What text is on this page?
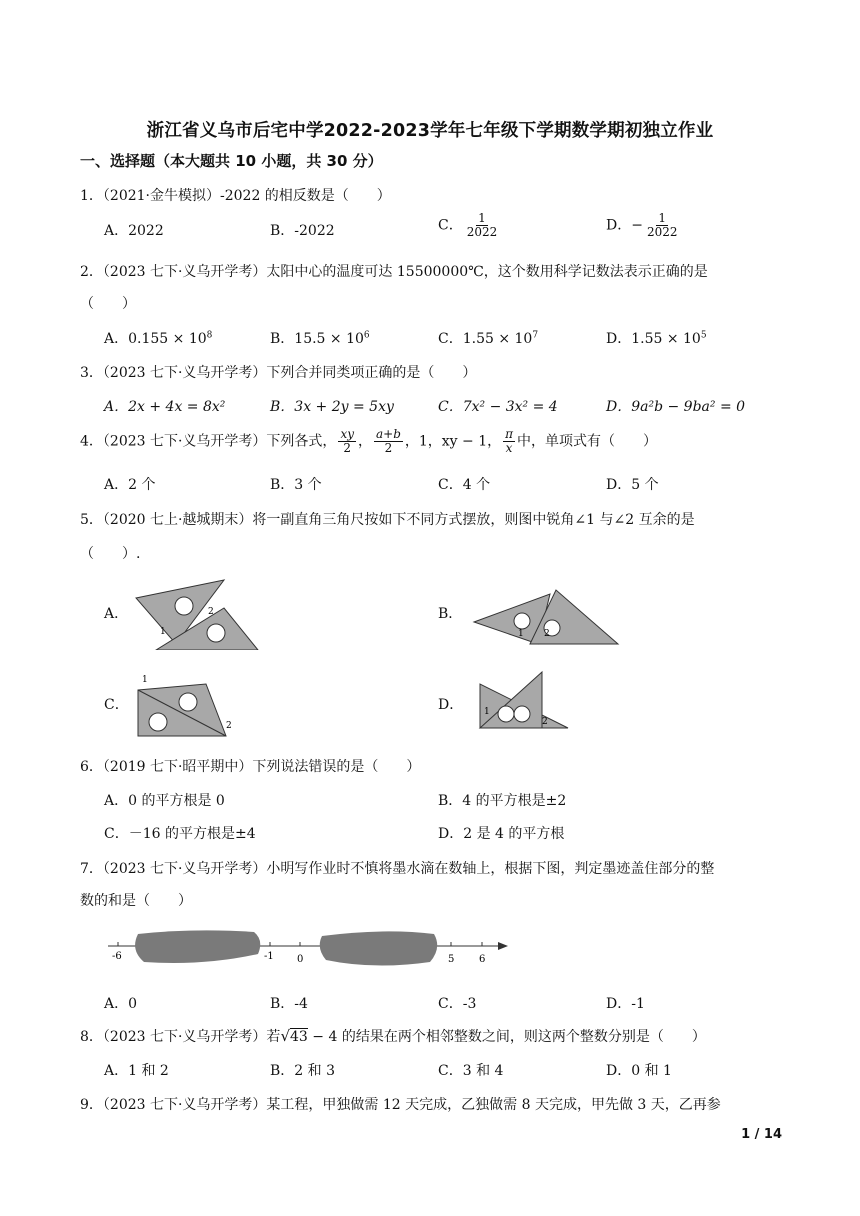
浙江省义乌市后宅中学2022-2023学年七年级下学期数学期初独立作业
一、选择题（本大题共 10 小题，共 30 分）
1．（2021·金牛模拟）-2022 的相反数是（　　）
A．2022	B．-2022	C． $\frac{1}{2022}$	D．− $\frac{1}{2022}$
2．（2023 七下·义乌开学考）太阳中心的温度可达 15500000℃，这个数用科学记数法表示正确的是
（　　）
A．$0.155 \times 10^8$	B．$15.5 \times 10^6$	C．$1.55 \times 10^7$	D．$1.55 \times 10^5$
3．（2023 七下·义乌开学考）下列合并同类项正确的是（　　）
A．2x + 4x = 8x²	B．3x + 2y = 5xy	C．7x² − 3x² = 4	D．9a²b − 9ba² = 0
4．（2023 七下·义乌开学考）下列各式， $\frac{xy}{2}$ ， $\frac{a+b}{2}$ ，1，xy − 1， $\frac{\pi}{x}$ 中，单项式有（　　）
A．2 个	B．3 个	C．4 个	D．5 个
5．（2020 七上·越城期末）将一副直角三角尺按如下不同方式摆放，则图中锐角∠1 与∠2 互余的是
（　　）.
A．
1
2	B．
1 2
C．
1
2
D． 1
2
6．（2019 七下·昭平期中）下列说法错误的是（　　）
A．0 的平方根是 0	B．4 的平方根是±2
C．－16 的平方根是±4	D．2 是 4 的平方根
7．（2023 七下·义乌开学考）小明写作业时不慎将墨水滴在数轴上，根据下图，判定墨迹盖住部分的整
数的和是（　　）
-6	-1 0	5 6
A．0	B．-4	C．-3	D．-1
8．（2023 七下·义乌开学考）若√43 − 4 的结果在两个相邻整数之间，则这两个整数分别是（　　）
A．1 和 2	B．2 和 3	C．3 和 4	D．0 和 1
9．（2023 七下·义乌开学考）某工程，甲独做需 12 天完成，乙独做需 8 天完成，甲先做 3 天，乙再参
1 / 14
